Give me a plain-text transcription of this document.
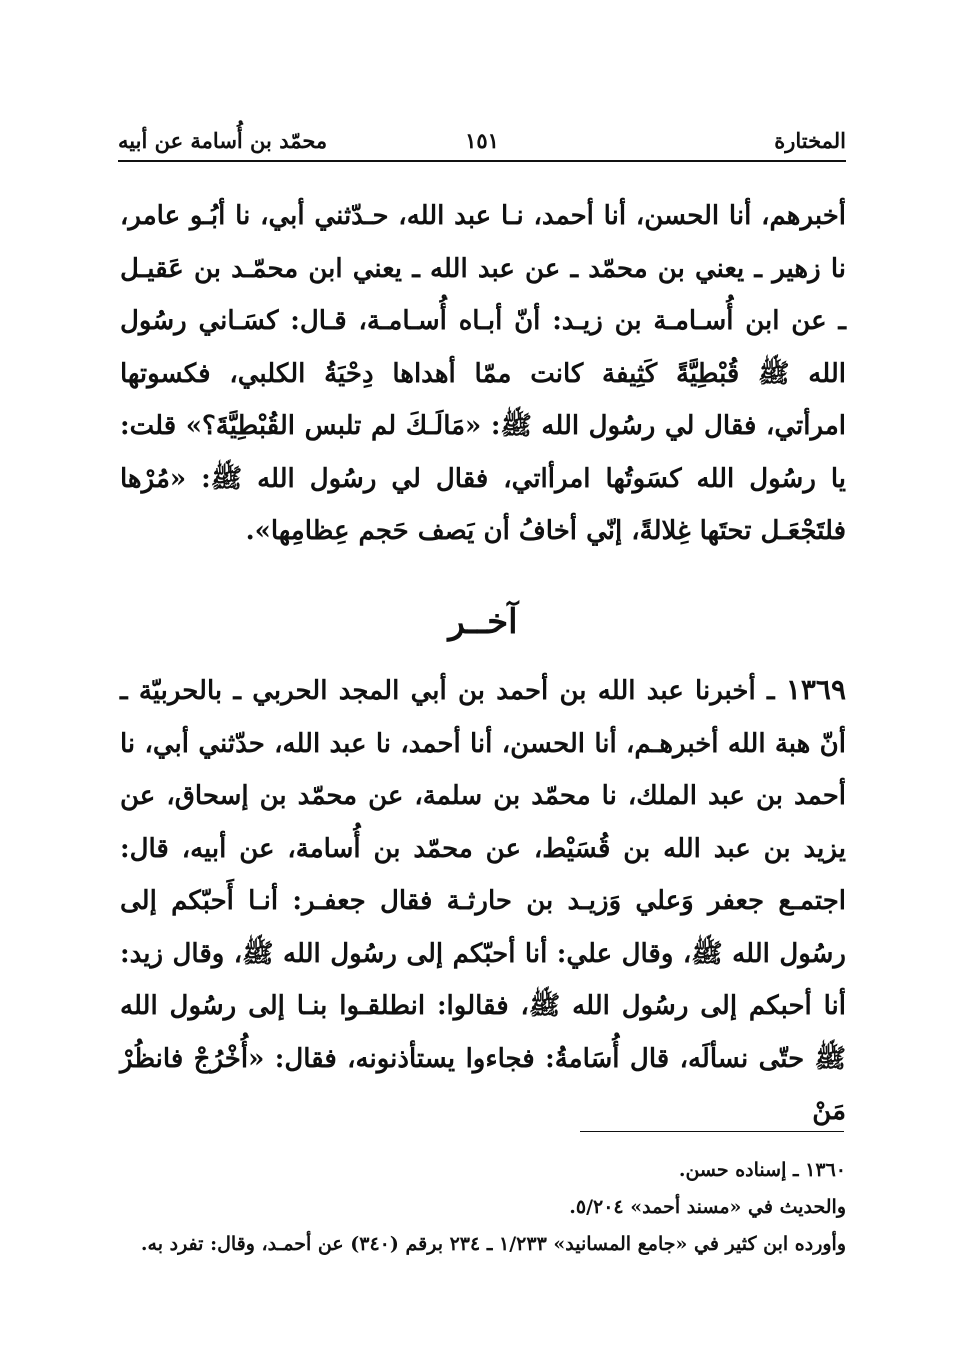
المختارة
١٥١
محمّد بن أُسامة عن أبيه

أخبرهم، أنا الحسن، أنا أحمد، نـا عبد الله، حـدّثني أبي، نا أبُـو عامر، نا زهير ـ يعني بن محمّد ـ عن عبد الله ـ يعني ابن محمّـد بن عَقيـل ـ عن ابن أُسـامـة بن زيـد: أنّ أبـاه أُسـامـة، قـال: كسَـاني رسُول الله ﷺ قُبْطِيَّةً كَثِيفة كانت ممّا أهداها دِحْيَةُ الكلبي، فكسوتها امرأتي، فقال لي رسُول الله ﷺ: «مَالَـكَ لم تلبس القُبْطِيَّةَ؟» قلت: يا رسُول الله كسَوتُها امرأاتي، فقال لي رسُول الله ﷺ: «مُرْها فلتَجْعَـل تحتَها غِلالةً، إنّي أخافُ أن يَصف حَجم عِظامِها».

آخــر

١٣٦٩ ـ أخبرنا عبد الله بن أحمد بن أبي المجد الحربي ـ بالحربيّة ـ أنّ هبة الله أخبرهـم، أنا الحسن، أنا أحمد، نا عبد الله، حدّثني أبي، نا أحمد بن عبد الملك، نا محمّد بن سلمة، عن محمّد بن إسحاق، عن يزيد بن عبد الله بن قُسَيْط، عن محمّد بن أُسامة، عن أبيه، قال: اجتمـع جعفر وَعلي وَزيـد بن حارثـة فقال جعفـر: أنـا أَحبّكم إلى رسُول الله ﷺ، وقال علي: أنا أحبّكم إلى رسُول الله ﷺ، وقال زيد: أنا أحبكم إلى رسُول الله ﷺ، فقالوا: انطلقـوا بنـا إلى رسُول الله ﷺ حتّى نسألَه، قال أُسَامةُ: فجاءوا يستأذنونه، فقال: «أُخْرُجْ فانظُرْ مَنْ

١٣٦٠ ـ إسناده حسن.
والحديث في «مسند أحمد» ٥/٢٠٤.
وأورده ابن كثير في «جامع المسانيد» ١/٢٣٣ ـ ٢٣٤ برقم (٣٤٠) عن أحمـد، وقال: تفرد به.
